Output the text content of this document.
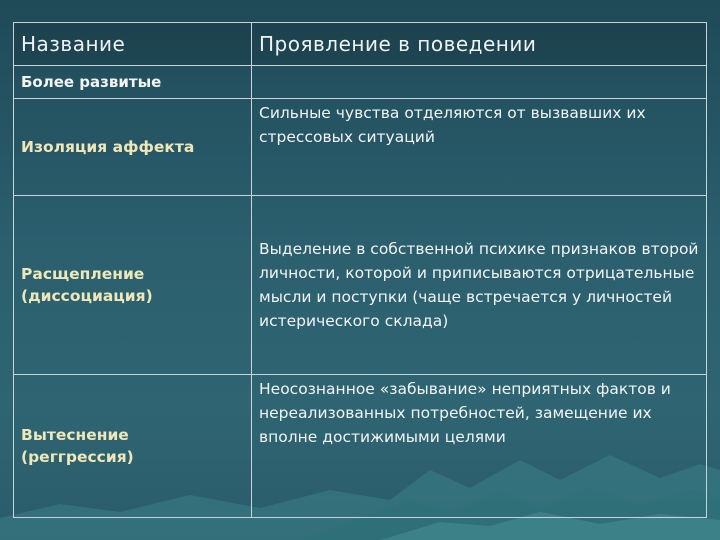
Название	Проявление в поведении
Более развитые	
Изоляция аффекта	Сильные чувства отделяются от вызвавших их стрессовых ситуаций
Расщепление (диссоциация)	Выделение в собственной психике признаков второй личности, которой и приписываются отрицательные мысли и поступки (чаще встречается у личностей истерического склада)
Вытеснение (реггрессия)	Неосознанное «забывание» неприятных фактов и нереализованных потребностей, замещение их вполне достижимыми целями
